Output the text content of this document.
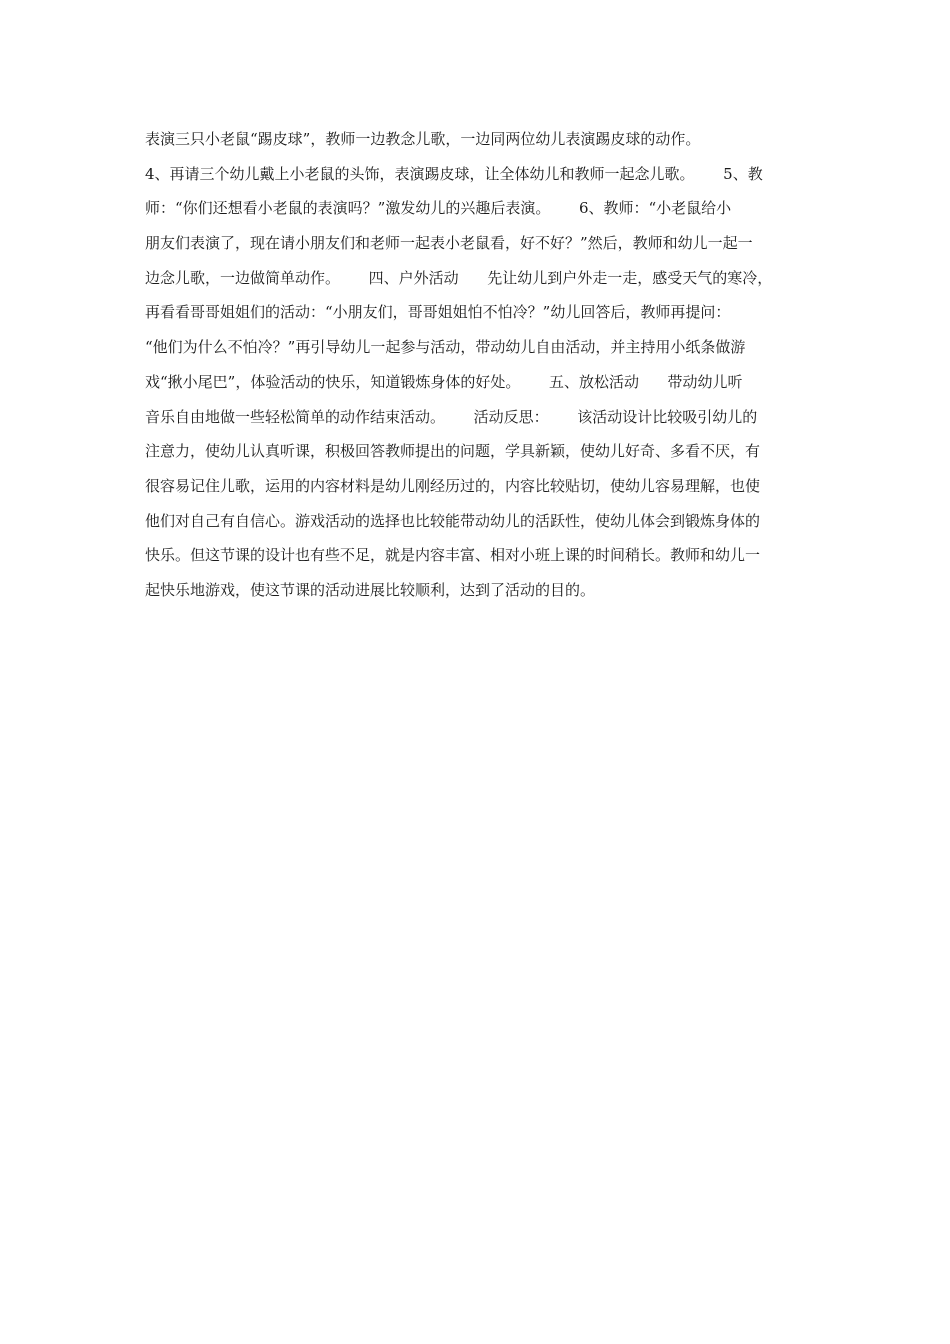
表演三只小老鼠“踢皮球”，教师一边教念儿歌，一边同两位幼儿表演踢皮球的动作。
4、再请三个幼儿戴上小老鼠的头饰，表演踢皮球，让全体幼儿和教师一起念儿歌。      5、教
师：“你们还想看小老鼠的表演吗？”激发幼儿的兴趣后表演。      6、教师：“小老鼠给小
朋友们表演了，现在请小朋友们和老师一起表小老鼠看，好不好？”然后，教师和幼儿一起一
边念儿歌，一边做简单动作。      四、户外活动      先让幼儿到户外走一走，感受天气的寒冷，
再看看哥哥姐姐们的活动：“小朋友们，哥哥姐姐怕不怕冷？”幼儿回答后，教师再提问：
“他们为什么不怕冷？”再引导幼儿一起参与活动，带动幼儿自由活动，并主持用小纸条做游
戏“揪小尾巴”，体验活动的快乐，知道锻炼身体的好处。      五、放松活动      带动幼儿听
音乐自由地做一些轻松简单的动作结束活动。      活动反思：      该活动设计比较吸引幼儿的
注意力，使幼儿认真听课，积极回答教师提出的问题，学具新颖，使幼儿好奇、多看不厌，有
很容易记住儿歌，运用的内容材料是幼儿刚经历过的，内容比较贴切，使幼儿容易理解，也使
他们对自己有自信心。游戏活动的选择也比较能带动幼儿的活跃性，使幼儿体会到锻炼身体的
快乐。但这节课的设计也有些不足，就是内容丰富、相对小班上课的时间稍长。教师和幼儿一
起快乐地游戏，使这节课的活动进展比较顺利，达到了活动的目的。
